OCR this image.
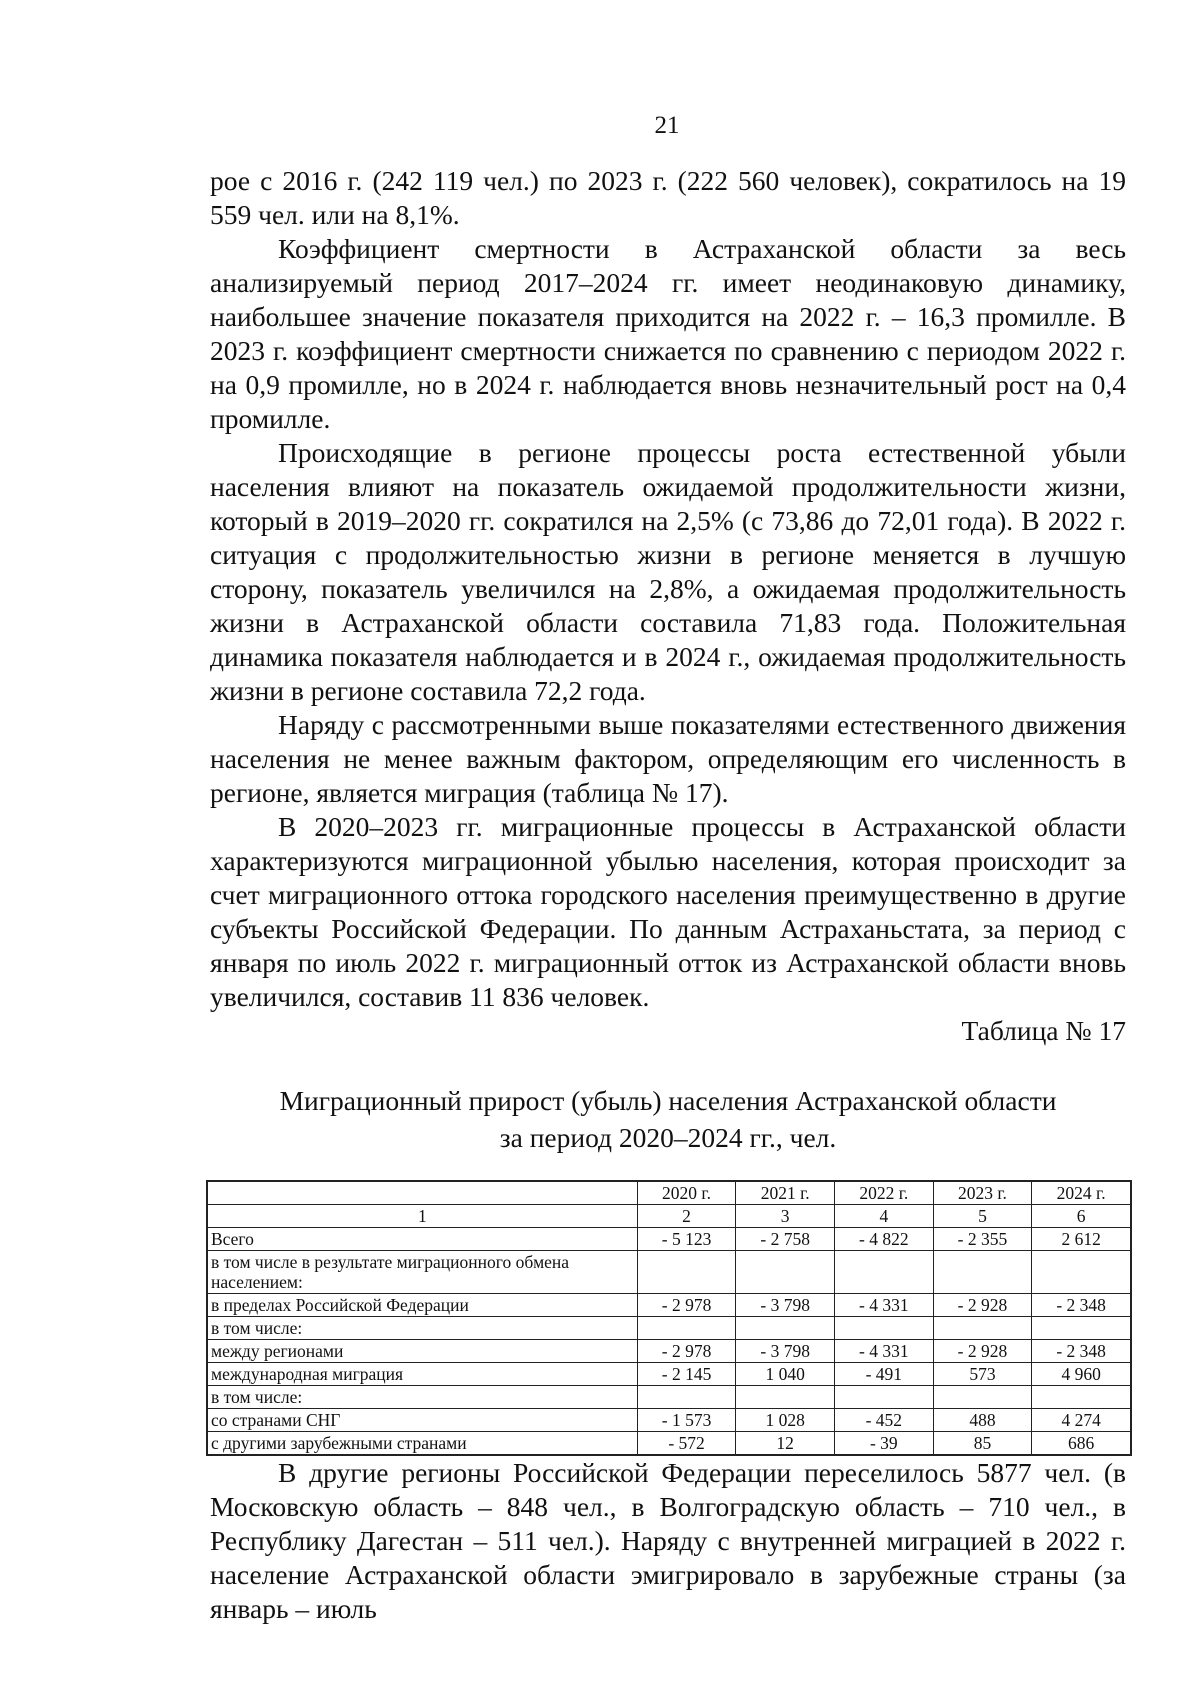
21

рое с 2016 г. (242 119 чел.) по 2023 г. (222 560 человек), сократилось на 19 559 чел. или на 8,1%.

Коэффициент смертности в Астраханской области за весь анализируемый период 2017–2024 гг. имеет неодинаковую динамику, наибольшее значение показателя приходится на 2022 г. – 16,3 промилле. В 2023 г. коэффициент смертности снижается по сравнению с периодом 2022 г. на 0,9 промилле, но в 2024 г. наблюдается вновь незначительный рост на 0,4 промилле.

Происходящие в регионе процессы роста естественной убыли населения влияют на показатель ожидаемой продолжительности жизни, который в 2019–2020 гг. сократился на 2,5% (с 73,86 до 72,01 года). В 2022 г. ситуация с продолжительностью жизни в регионе меняется в лучшую сторону, показатель увеличился на 2,8%, а ожидаемая продолжительность жизни в Астраханской области составила 71,83 года. Положительная динамика показателя наблюдается и в 2024 г., ожидаемая продолжительность жизни в регионе составила 72,2 года.

Наряду с рассмотренными выше показателями естественного движения населения не менее важным фактором, определяющим его численность в регионе, является миграция (таблица № 17).

В 2020–2023 гг. миграционные процессы в Астраханской области характеризуются миграционной убылью населения, которая происходит за счет миграционного оттока городского населения преимущественно в другие субъекты Российской Федерации. По данным Астраханьстата, за период с января по июль 2022 г. миграционный отток из Астраханской области вновь увеличился, составив 11 836 человек.

Таблица № 17

Миграционный прирост (убыль) населения Астраханской области
за период 2020–2024 гг., чел.
	2020 г.	2021 г.	2022 г.	2023 г.	2024 г.
1	2	3	4	5	6
Всего	- 5 123	- 2 758	- 4 822	- 2 355	2 612
в том числе в результате миграционного обмена населением:					
в пределах Российской Федерации	- 2 978	- 3 798	- 4 331	- 2 928	- 2 348
в том числе:					
между регионами	- 2 978	- 3 798	- 4 331	- 2 928	- 2 348
международная миграция	- 2 145	1 040	- 491	573	4 960
в том числе:					
со странами СНГ	- 1 573	1 028	- 452	488	4 274
с другими зарубежными странами	- 572	12	- 39	85	686

В другие регионы Российской Федерации переселилось 5877 чел. (в Московскую область – 848 чел., в Волгоградскую область – 710 чел., в Республику Дагестан – 511 чел.). Наряду с внутренней миграцией в 2022 г. население Астраханской области эмигрировало в зарубежные страны (за январь – июль
